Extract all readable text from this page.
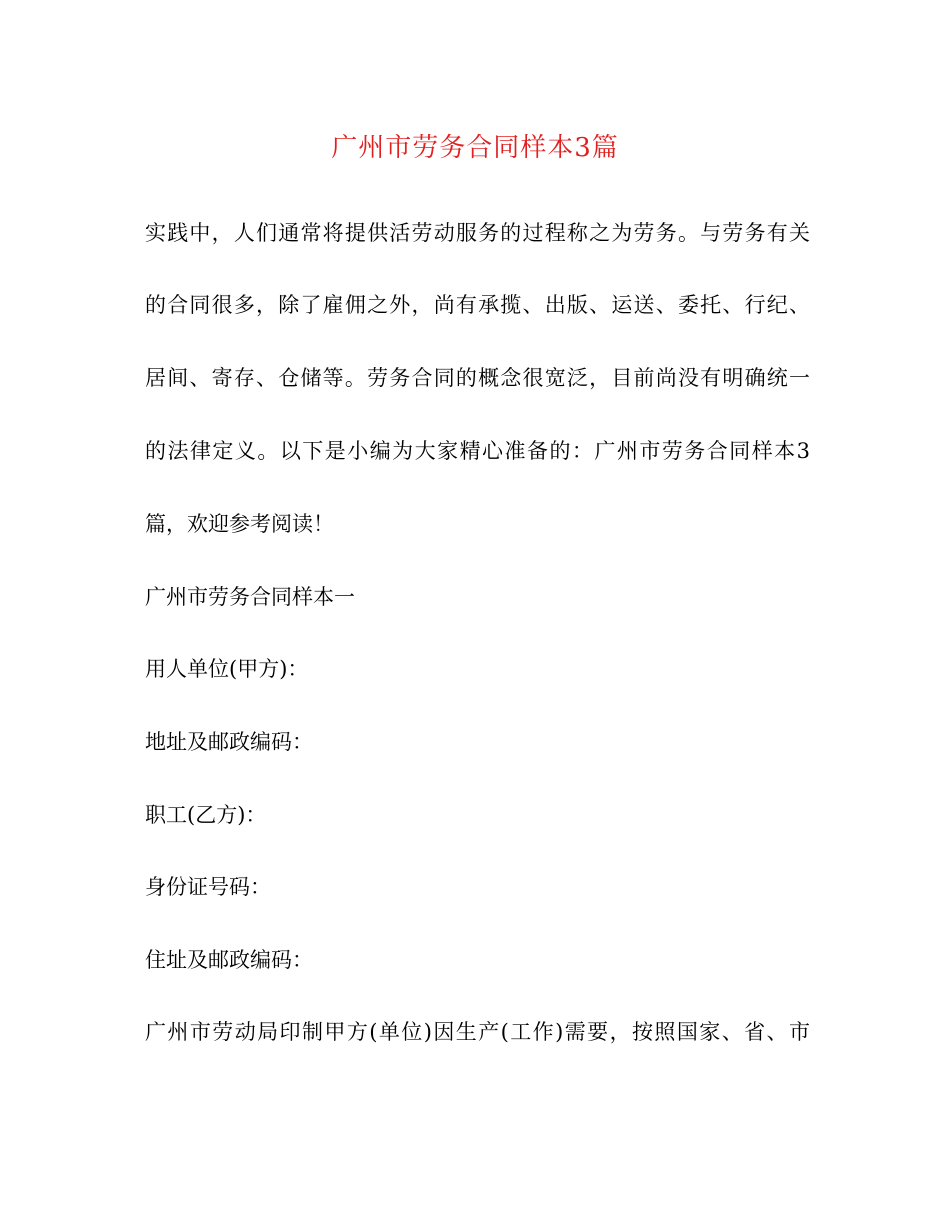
广州市劳务合同样本3篇
实践中，人们通常将提供活劳动服务的过程称之为劳务。与劳务有关
的合同很多，除了雇佣之外，尚有承揽、出版、运送、委托、行纪、
居间、寄存、仓储等。劳务合同的概念很宽泛，目前尚没有明确统一
的法律定义。以下是小编为大家精心准备的：广州市劳务合同样本3
篇，欢迎参考阅读！
广州市劳务合同样本一
用人单位(甲方)：
地址及邮政编码：
职工(乙方)：
身份证号码：
住址及邮政编码：
广州市劳动局印制甲方(单位)因生产(工作)需要，按照国家、省、市
